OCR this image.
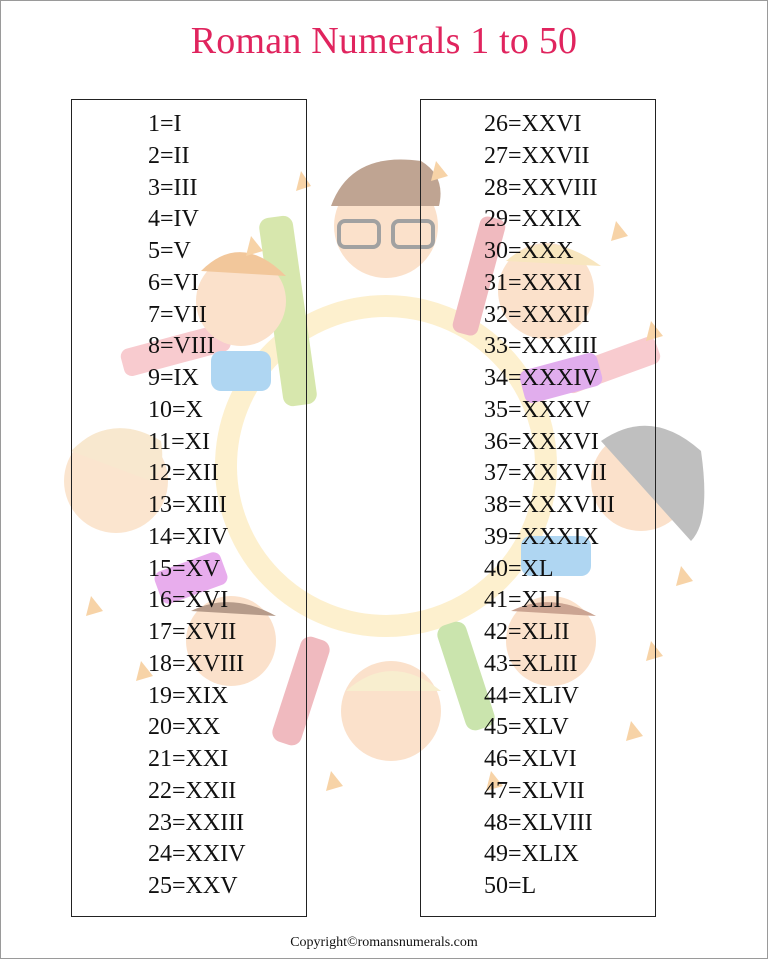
Roman Numerals 1 to 50
1=I
2=II
3=III
4=IV
5=V
6=VI
7=VII
8=VIII
9=IX
10=X
11=XI
12=XII
13=XIII
14=XIV
15=XV
16=XVI
17=XVII
18=XVIII
19=XIX
20=XX
21=XXI
22=XXII
23=XXIII
24=XXIV
25=XXV
26=XXVI
27=XXVII
28=XXVIII
29=XXIX
30=XXX
31=XXXI
32=XXXII
33=XXXIII
34=XXXIV
35=XXXV
36=XXXVI
37=XXXVII
38=XXXVIII
39=XXXIX
40=XL
41=XLI
42=XLII
43=XLIII
44=XLIV
45=XLV
46=XLVI
47=XLVII
48=XLVIII
49=XLIX
50=L
Copyright©romansnumerals.com
